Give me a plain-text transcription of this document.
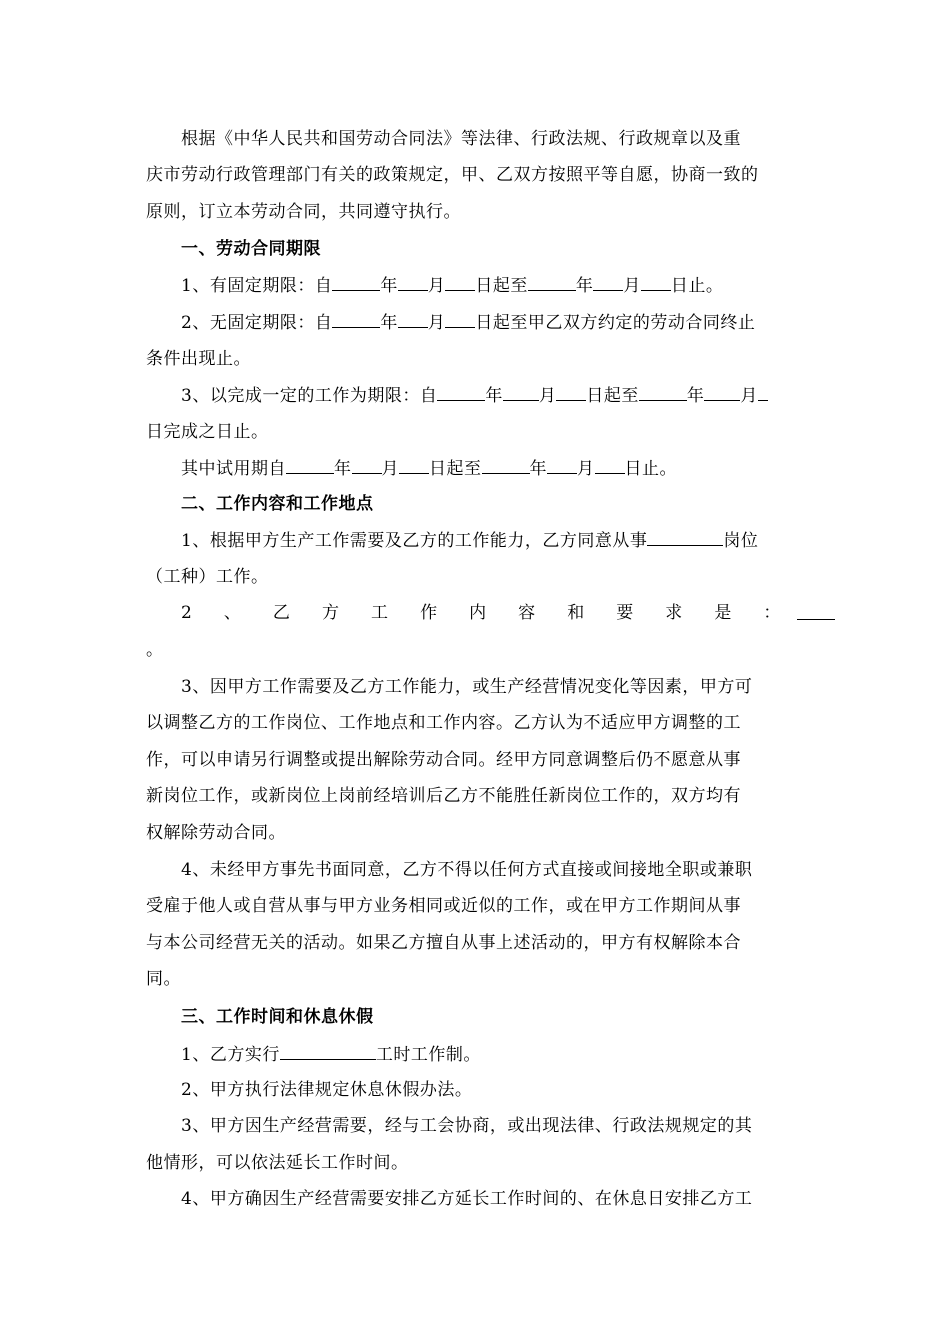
根据《中华人民共和国劳动合同法》等法律、行政法规、行政规章以及重
庆市劳动行政管理部门有关的政策规定，甲、乙双方按照平等自愿，协商一致的
原则，订立本劳动合同，共同遵守执行。
一、劳动合同期限
1、有固定期限：自	年 月 日起至	年 月 日止。
2、无固定期限：自	年 月 日起至甲乙双方约定的劳动合同终止
条件出现止。
3、以完成一定的工作为期限：自	年 月 日起至	年 月
日完成之日止。
其中试用期自	年 月 日起至	年 月 日止。
二、工作内容和工作地点
1、根据甲方生产工作需要及乙方的工作能力，乙方同意从事	岗位
（工种）工作。
2 、 乙 方 工 作 内 容 和 要 求 是 ：
。
3、因甲方工作需要及乙方工作能力，或生产经营情况变化等因素，甲方可
以调整乙方的工作岗位、工作地点和工作内容。乙方认为不适应甲方调整的工
作，可以申请另行调整或提出解除劳动合同。经甲方同意调整后仍不愿意从事
新岗位工作，或新岗位上岗前经培训后乙方不能胜任新岗位工作的，双方均有
权解除劳动合同。
4、未经甲方事先书面同意，乙方不得以任何方式直接或间接地全职或兼职
受雇于他人或自营从事与甲方业务相同或近似的工作，或在甲方工作期间从事
与本公司经营无关的活动。如果乙方擅自从事上述活动的，甲方有权解除本合
同。
三、工作时间和休息休假
1、乙方实行	工时工作制。
2、甲方执行法律规定休息休假办法。
3、甲方因生产经营需要，经与工会协商，或出现法律、行政法规规定的其
他情形，可以依法延长工作时间。
4、甲方确因生产经营需要安排乙方延长工作时间的、在休息日安排乙方工
